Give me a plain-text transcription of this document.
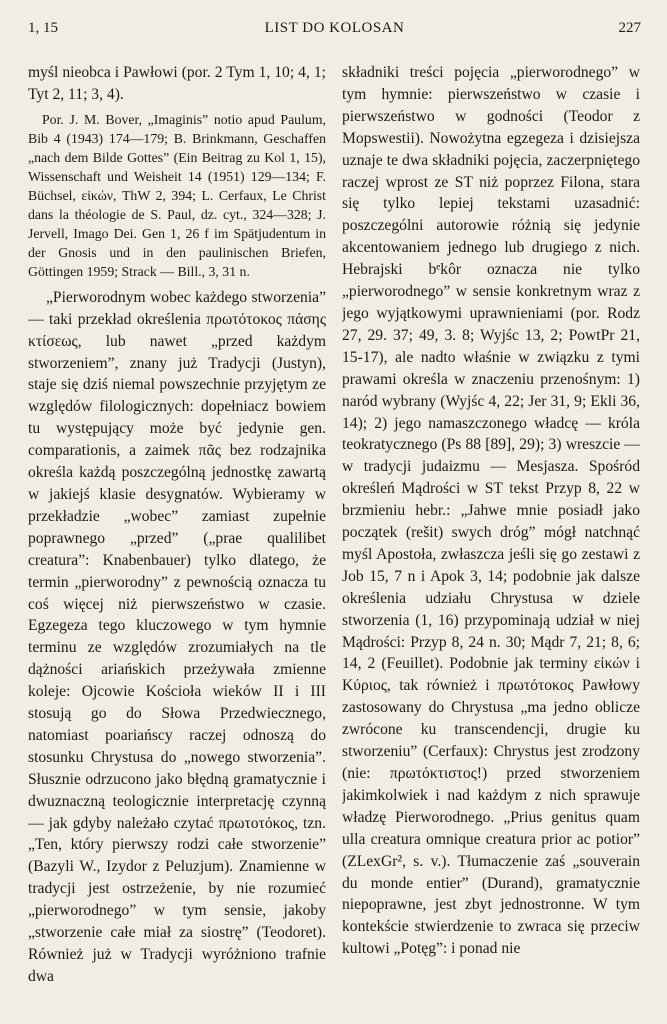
1, 15	LIST DO KOLOSAN	227

myśl nieobca i Pawłowi (por. 2 Tym 1, 10; 4, 1; Tyt 2, 11; 3, 4).

Por. J. M. Bover, „Imaginis” notio apud Paulum, Bib 4 (1943) 174—179; B. Brinkmann, Geschaffen „nach dem Bilde Gottes” (Ein Beitrag zu Kol 1, 15), Wissenschaft und Weisheit 14 (1951) 129—134; F. Büchsel, εἰκών, ThW 2, 394; L. Cerfaux, Le Christ dans la théologie de S. Paul, dz. cyt., 324—328; J. Jervell, Imago Dei. Gen 1, 26 f im Spätjudentum in der Gnosis und in den paulinischen Briefen, Göttingen 1959; Strack — Bill., 3, 31 n.

„Pierworodnym wobec każdego stworzenia” — taki przekład określenia πρωτότοκος πάσης κτίσεως, lub nawet „przed każdym stworzeniem”, znany już Tradycji (Justyn), staje się dziś niemal powszechnie przyjętym ze względów filologicznych: dopełniacz bowiem tu występujący może być jedynie gen. comparationis, a zaimek πᾶς bez rodzajnika określa każdą poszczególną jednostkę zawartą w jakiejś klasie desygnatów. Wybieramy w przekładzie „wobec” zamiast zupełnie poprawnego „przed” („prae qualilibet creatura”: Knabenbauer) tylko dlatego, że termin „pierworodny” z pewnością oznacza tu coś więcej niż pierwszeństwo w czasie. Egzegeza tego kluczowego w tym hymnie terminu ze względów zrozumiałych na tle dążności ariańskich przeżywała zmienne koleje: Ojcowie Kościoła wieków II i III stosują go do Słowa Przedwiecznego, natomiast poariańscy raczej odnoszą do stosunku Chrystusa do „nowego stworzenia”. Słusznie odrzucono jako błędną gramatycznie i dwuznaczną teologicznie interpretację czynną — jak gdyby należało czytać πρωτοτόκος, tzn. „Ten, który pierwszy rodzi całe stworzenie” (Bazyli W., Izydor z Peluzjum). Znamienne w tradycji jest ostrzeżenie, by nie rozumieć „pierworodnego” w tym sensie, jakoby „stworzenie całe miał za siostrę” (Teodoret). Również już w Tradycji wyróżniono trafnie dwa

składniki treści pojęcia „pierworodnego” w tym hymnie: pierwszeństwo w czasie i pierwszeństwo w godności (Teodor z Mopswestii). Nowożytna egzegeza i dzisiejsza uznaje te dwa składniki pojęcia, zaczerpniętego raczej wprost ze ST niż poprzez Filona, stara się tylko lepiej tekstami uzasadnić: poszczególni autorowie różnią się jedynie akcentowaniem jednego lub drugiego z nich. Hebrajski bᵉkôr oznacza nie tylko „pierworodnego” w sensie konkretnym wraz z jego wyjątkowymi uprawnieniami (por. Rodz 27, 29. 37; 49, 3. 8; Wyjśc 13, 2; PowtPr 21, 15-17), ale nadto właśnie w związku z tymi prawami określa w znaczeniu przenośnym: 1) naród wybrany (Wyjśc 4, 22; Jer 31, 9; Ekli 36, 14); 2) jego namaszczonego władcę — króla teokratycznego (Ps 88 [89], 29); 3) wreszcie — w tradycji judaizmu — Mesjasza. Spośród określeń Mądrości w ST tekst Przyp 8, 22 w brzmieniu hebr.: „Jahwe mnie posiadł jako początek (rešit) swych dróg” mógł natchnąć myśl Apostoła, zwłaszcza jeśli się go zestawi z Job 15, 7 n i Apok 3, 14; podobnie jak dalsze określenia udziału Chrystusa w dziele stworzenia (1, 16) przypominają udział w niej Mądrości: Przyp 8, 24 n. 30; Mądr 7, 21; 8, 6; 14, 2 (Feuillet). Podobnie jak terminy εἰκών i Κύριος, tak również i πρωτότοκος Pawłowy zastosowany do Chrystusa „ma jedno oblicze zwrócone ku transcendencji, drugie ku stworzeniu” (Cerfaux): Chrystus jest zrodzony (nie: πρωτόκτιστος!) przed stworzeniem jakimkolwiek i nad każdym z nich sprawuje władzę Pierworodnego. „Prius genitus quam ulla creatura omnique creatura prior ac potior” (ZLexGr², s. v.). Tłumaczenie zaś „souverain du monde entier” (Durand), gramatycznie niepoprawne, jest zbyt jednostronne. W tym kontekście stwierdzenie to zwraca się przeciw kultowi „Potęg”: i ponad nie
